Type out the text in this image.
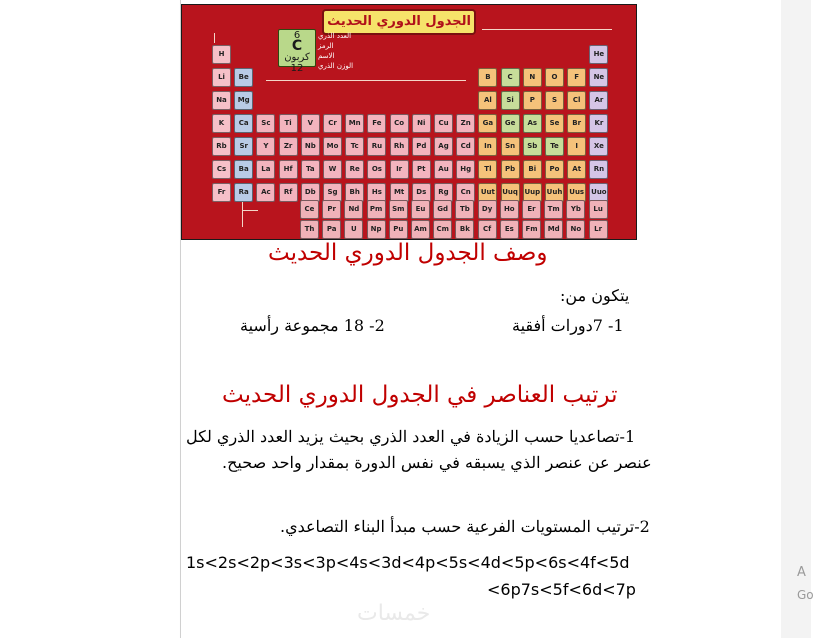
A
Go
الجدول الدوري الحديث
6
C
كربون
12
العدد الذري
الرمز
الاسم
الوزن الذري
H	He
Li	Be	B	C	N	O	F	Ne
Na	Mg	Al	Si	P	S	Cl	Ar
K	Ca	Sc	Ti	V	Cr	Mn	Fe	Co	Ni	Cu	Zn	Ga	Ge	As	Se	Br	Kr
Rb	Sr	Y	Zr	Nb	Mo	Tc	Ru	Rh	Pd	Ag	Cd	In	Sn	Sb	Te	I	Xe
Cs	Ba	La	Hf	Ta	W	Re	Os	Ir	Pt	Au	Hg	Tl	Pb	Bi	Po	At	Rn
Fr	Ra	Ac	Rf	Db	Sg	Bh	Hs	Mt	Ds	Rg	Cn	Uut	Uuq Uup Uuh Uus Uuo
Ce	Pr	Nd	Pm	Sm	Eu	Gd	Tb	Dy	Ho	Er	Tm	Yb	Lu
Th	Pa	U	Np	Pu	Am	Cm	Bk	Cf	Es	Fm	Md	No	Lr
وصف الجدول الدوري الحديث
يتكون من:
1- 7دورات أفقية
2- 18 مجموعة رأسية
ترتيب العناصر في الجدول الدوري الحديث
1-تصاعديا حسب الزيادة في العدد الذري بحيث يزيد العدد الذري لكل
عنصر عن عنصر الذي يسبقه في نفس الدورة بمقدار واحد صحيح.
2-ترتيب المستويات الفرعية حسب مبدأ البناء التصاعدي.
1s<2s<2p<3s<3p<4s<3d<4p<5s<4d<5p<6s<4f<5d
<6p7s<5f<6d<7p
خمسات
